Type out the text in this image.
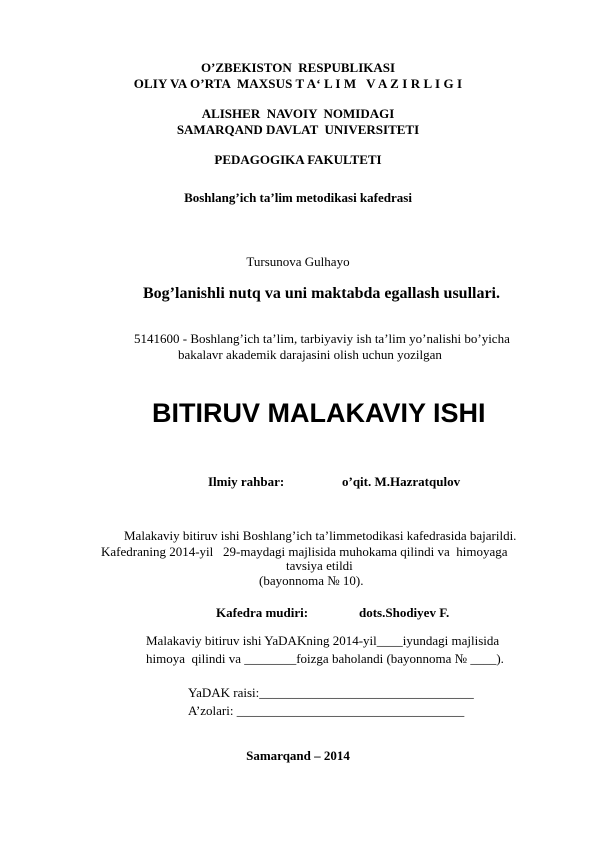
O’ZBEKISTON  RESPUBLIKASI
OLIY VA O’RTA  MAXSUS T A‘ L I M   V A Z I R L I G I
ALISHER  NAVOIY  NOMIDAGI
SAMARQAND DAVLAT  UNIVERSITETI
PEDAGOGIKA FAKULTETI
Boshlang’ich ta’lim metodikasi kafedrasi
Tursunova Gulhayo
Bog’lanishli nutq va uni maktabda egallash usullari.
5141600 - Boshlang’ich ta’lim, tarbiyaviy ish ta’lim yo’nalishi bo’yicha
bakalavr akademik darajasini olish uchun yozilgan
BITIRUV MALAKAVIY ISHI
Ilmiy rahbar:	o’qit. M.Hazratqulov
Malakaviy bitiruv ishi Boshlang’ich ta’limmetodikasi kafedrasida bajarildi.
Kafedraning 2014-yil   29-maydagi majlisida muhokama qilindi va  himoyaga
tavsiya etildi
(bayonnoma № 10).
Kafedra mudiri:	dots.Shodiyev F.
Malakaviy bitiruv ishi YaDAKning 2014-yil____iyundagi majlisida
himoya  qilindi va ________foizga baholandi (bayonnoma № ____).
YaDAK raisi:_________________________________
A’zolari: ___________________________________
Samarqand – 2014
